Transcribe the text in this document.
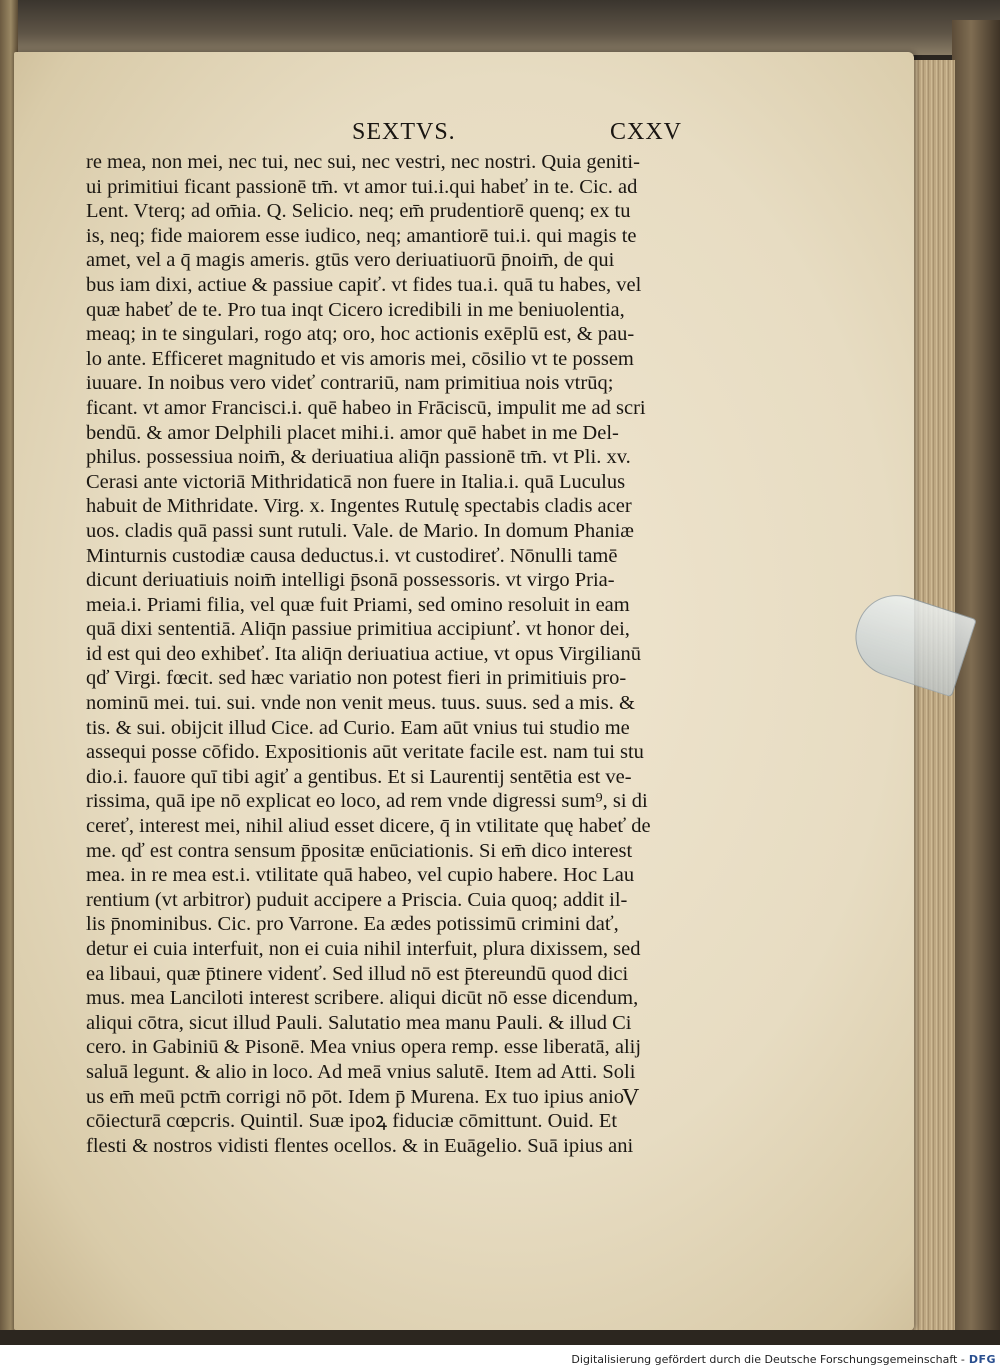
SEXTVS.	CXXV
re mea, non mei, nec tui, nec sui, nec vestri, nec nostri. Quia geniti-
ui primitiui ficant passionē tm̄. vt amor tui.i.qui habeť in te. Cic. ad
Lent. Vterq; ad om̄ia. Q. Selicio. neq; em̄ prudentiorē quenq; ex tu
is, neq; fide maiorem esse iudico, neq; amantiorē tui.i. qui magis te
amet, vel a q̄ magis ameris. gtūs vero deriuatiuorū p̄noim̄, de qui
bus iam dixi, actiue & passiue capiť. vt fides tua.i. quā tu habes, vel
quæ habeť de te. Pro tua inqt Cicero icredibili in me beniuolentia,
meaq; in te singulari, rogo atq; oro, hoc actionis exēplū est, & pau-
lo ante. Efficeret magnitudo et vis amoris mei, cōsilio vt te possem
iuuare. In noibus vero videť contrariū, nam primitiua nois vtrūq;
ficant. vt amor Francisci.i. quē habeo in Frāciscū, impulit me ad scri
bendū. & amor Delphili placet mihi.i. amor quē habet in me Del-
philus. possessiua noim̄, & deriuatiua aliq̄n passionē tm̄. vt Pli. xv.
Cerasi ante victoriā Mithridaticā non fuere in Italia.i. quā Luculus
habuit de Mithridate. Virg. x. Ingentes Rutulę spectabis cladis acer
uos. cladis quā passi sunt rutuli. Vale. de Mario. In domum Phaniæ
Minturnis custodiæ causa deductus.i. vt custodireť. Nōnulli tamē
dicunt deriuatiuis noim̄ intelligi p̄sonā possessoris. vt virgo Pria-
meia.i. Priami filia, vel quæ fuit Priami, sed omino resoluit in eam
quā dixi sententiā. Aliq̄n passiue primitiua accipiunť. vt honor dei,
id est qui deo exhibeť. Ita aliq̄n deriuatiua actiue, vt opus Virgilianū
qď Virgi. fœcit. sed hæc variatio non potest fieri in primitiuis pro-
nominū mei. tui. sui. vnde non venit meus. tuus. suus. sed a mis. &
tis. & sui. obijcit illud Cice. ad Curio. Eam aūt vnius tui studio me
assequi posse cōfido. Expositionis aūt veritate facile est. nam tui stu
dio.i. fauore quī tibi agiť a gentibus. Et si Laurentij sentētia est ve-
rissima, quā ipe nō explicat eo loco, ad rem vnde digressi sum⁹, si di
cereť, interest mei, nihil aliud esset dicere, q̄ in vtilitate quę habeť de
me. qď est contra sensum p̄positæ enūciationis. Si em̄ dico interest
mea. in re mea est.i. vtilitate quā habeo, vel cupio habere. Hoc Lau
rentium (vt arbitror) puduit accipere a Priscia. Cuia quoq; addit il-
lis p̄nominibus. Cic. pro Varrone. Ea ædes potissimū crimini dať,
detur ei cuia interfuit, non ei cuia nihil interfuit, plura dixissem, sed
ea libaui, quæ p̄tinere videnť. Sed illud nō est p̄tereundū quod dici
mus. mea Lanciloti interest scribere. aliqui dicūt nō esse dicendum,
aliqui cōtra, sicut illud Pauli. Salutatio mea manu Pauli. & illud Ci
cero. in Gabiniū & Pisonē. Mea vnius opera remp. esse liberatā, alij
saluā legunt. & alio in loco. Ad meā vnius salutē. Item ad Atti. Soli
us em̄ meū pctm̄ corrigi nō pōt. Idem p̄ Murena. Ex tuo ipius anio
cōiecturā cœpcris. Quintil. Suæ ipoꝝ fiduciæ cōmittunt. Ouid. Et
flesti & nostros vidisti flentes ocellos. & in Euāgelio. Suā ipius ani
V
Digitalisierung gefördert durch die Deutsche Forschungsgemeinschaft - DFG
